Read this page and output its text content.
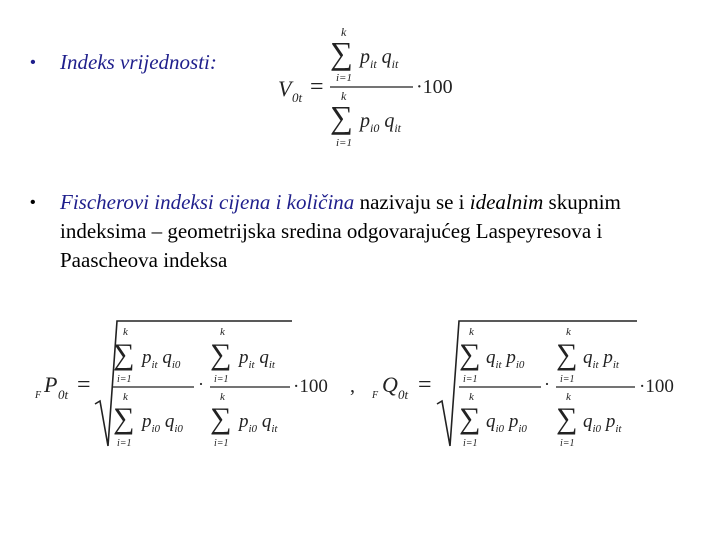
• Indeks vrijednosti:
• Fischerovi indeksi cijena i količina nazivaju se i idealnim skupnim indeksima – geometrijska sredina odgovarajućeg Laspeyresova i Paascheova indeksa
V 0t =
k
∑
i=1
$p_{it}$ $q_{it}$
k
∑
i=1
$p_{i0}$ $q_{it}$
·100
F P 0t =
k
∑
i=1
$p_{it}$ $q_{i0}$
k
∑
i=1
$p_{i0}$ $q_{i0}$
·
k
∑
i=1
$p_{it}$ $q_{it}$
k
∑
i=1
$p_{i0}$ $q_{it}$
·100 , F Q 0t =
k
∑
i=1
$q_{it}$ $p_{i0}$
k
∑
i=1
$q_{i0}$ $p_{i0}$
·
k
∑
i=1
$q_{it}$ $p_{it}$
k
∑
i=1
$q_{i0}$ $p_{it}$
·100
